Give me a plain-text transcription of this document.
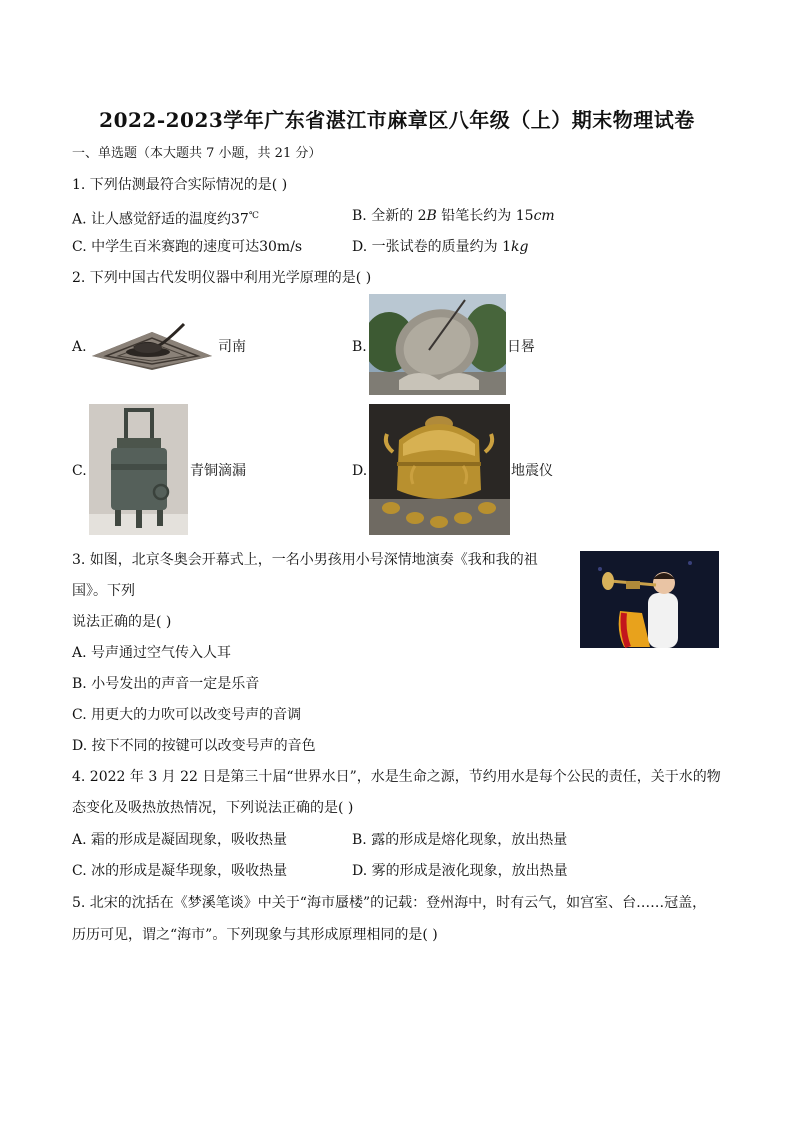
2022-2023学年广东省湛江市麻章区八年级（上）期末物理试卷
一、单选题（本大题共 7 小题，共 21 分）
1. 下列估测最符合实际情况的是( )
A. 让人感觉舒适的温度约37℃	B. 全新的 2B 铅笔长约为 15cm
C. 中学生百米赛跑的速度可达30m/s	D. 一张试卷的质量约为 1kg
2. 下列中国古代发明仪器中利用光学原理的是( )
A.	司南	B.	日晷
C.	青铜滴漏	D.	地震仪
3. 如图，北京冬奥会开幕式上，一名小男孩用小号深情地演奏《我和我的祖
国》。下列
说法正确的是( )
A. 号声通过空气传入人耳
B. 小号发出的声音一定是乐音
C. 用更大的力吹可以改变号声的音调
D. 按下不同的按键可以改变号声的音色
4. 2022 年 3 月 22 日是第三十届“世界水日”，水是生命之源，节约用水是每个公民的责任，关于水的物
态变化及吸热放热情况，下列说法正确的是( )
A. 霜的形成是凝固现象，吸收热量	B. 露的形成是熔化现象，放出热量
C. 冰的形成是凝华现象，吸收热量	D. 雾的形成是液化现象，放出热量
5. 北宋的沈括在《梦溪笔谈》中关于“海市蜃楼”的记载：登州海中，时有云气，如宫室、台……冠盖，
历历可见，谓之“海市”。下列现象与其形成原理相同的是( )
